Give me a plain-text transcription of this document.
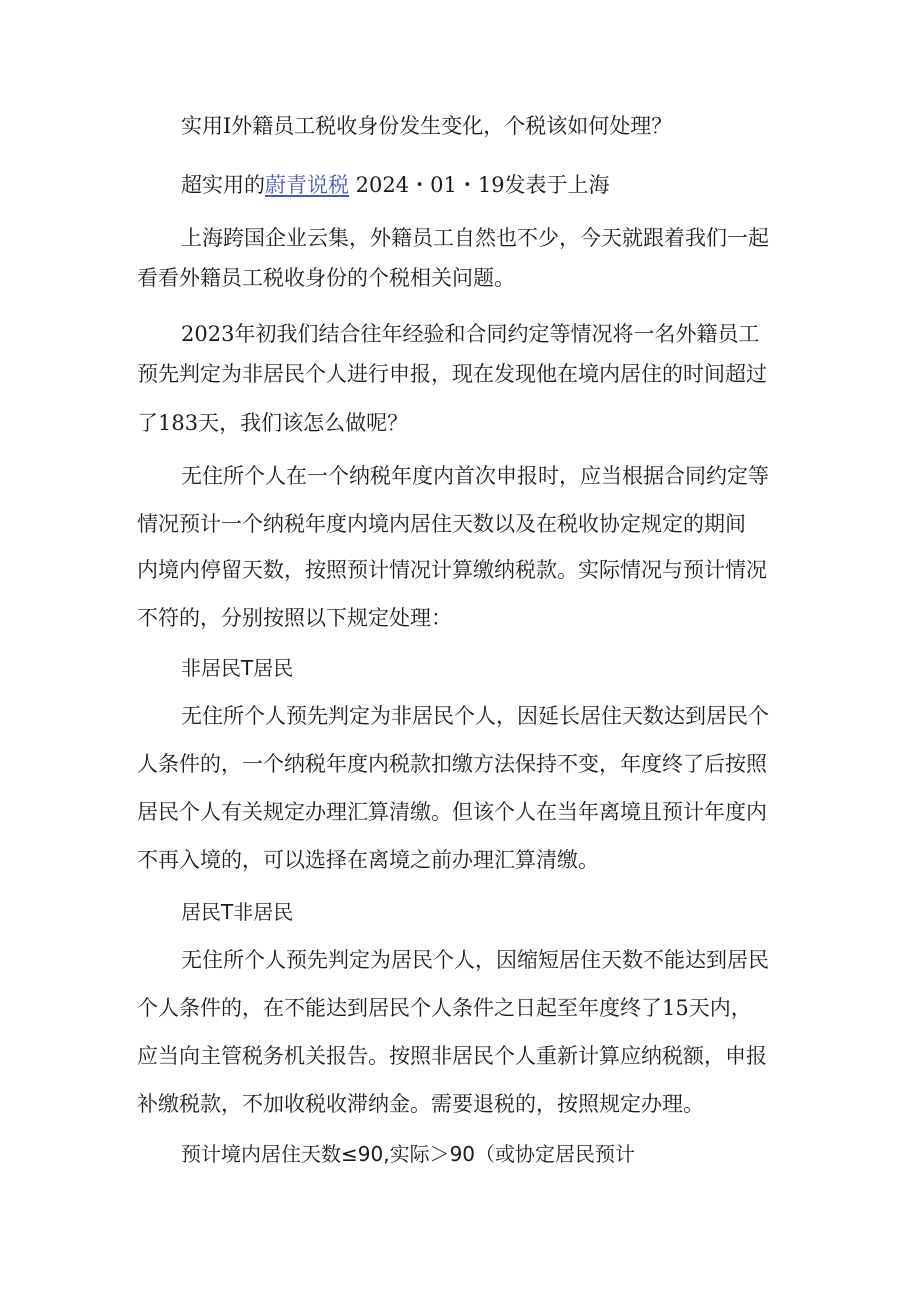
实用I外籍员工税收身份发生变化，个税该如何处理？
超实用的蔚青说税 2024・01・19发表于上海
上海跨国企业云集，外籍员工自然也不少，今天就跟着我们一起
看看外籍员工税收身份的个税相关问题。
2023年初我们结合往年经验和合同约定等情况将一名外籍员工
预先判定为非居民个人进行申报，现在发现他在境内居住的时间超过
了183天，我们该怎么做呢？
无住所个人在一个纳税年度内首次申报时，应当根据合同约定等
情况预计一个纳税年度内境内居住天数以及在税收协定规定的期间
内境内停留天数，按照预计情况计算缴纳税款。实际情况与预计情况
不符的，分别按照以下规定处理：
非居民T居民
无住所个人预先判定为非居民个人，因延长居住天数达到居民个
人条件的，一个纳税年度内税款扣缴方法保持不变，年度终了后按照
居民个人有关规定办理汇算清缴。但该个人在当年离境且预计年度内
不再入境的，可以选择在离境之前办理汇算清缴。
居民T非居民
无住所个人预先判定为居民个人，因缩短居住天数不能达到居民
个人条件的，在不能达到居民个人条件之日起至年度终了15天内，
应当向主管税务机关报告。按照非居民个人重新计算应纳税额，申报
补缴税款，不加收税收滞纳金。需要退税的，按照规定办理。
预计境内居住天数≤90,实际＞90（或协定居民预计
